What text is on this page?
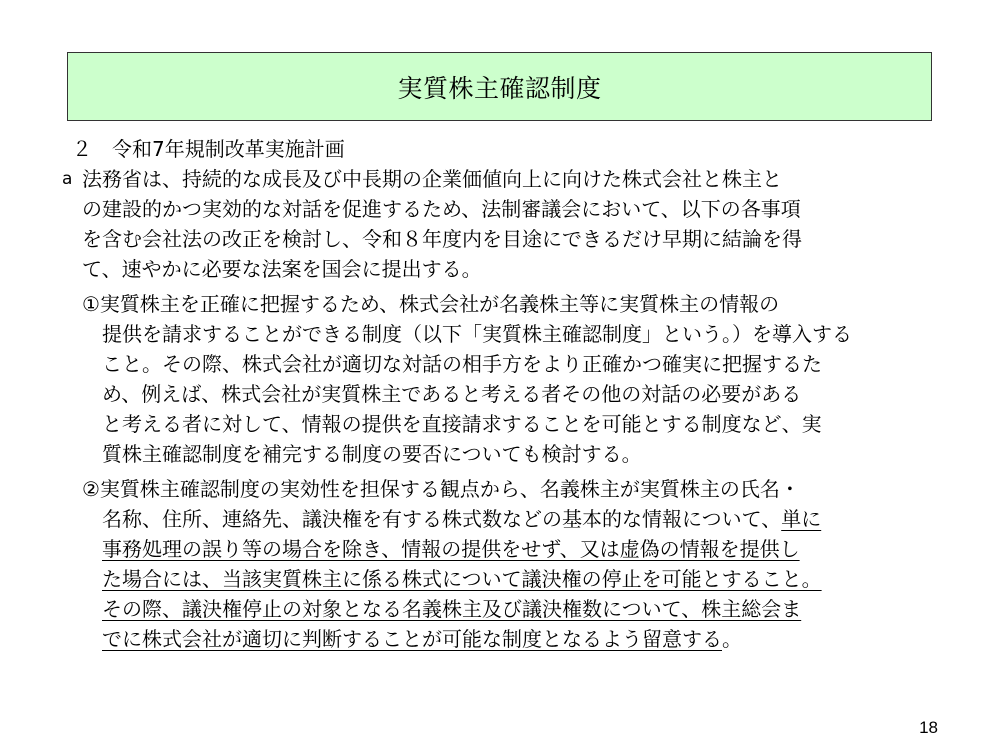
実質株主確認制度
２　令和7年規制改革実施計画
a 法務省は、持続的な成長及び中長期の企業価値向上に向けた株式会社と株主と
の建設的かつ実効的な対話を促進するため、法制審議会において、以下の各事項
を含む会社法の改正を検討し、令和８年度内を目途にできるだけ早期に結論を得
て、速やかに必要な法案を国会に提出する。
①実質株主を正確に把握するため、株式会社が名義株主等に実質株主の情報の
提供を請求することができる制度（以下「実質株主確認制度」という。）を導入する
こと。その際、株式会社が適切な対話の相手方をより正確かつ確実に把握するた
め、例えば、株式会社が実質株主であると考える者その他の対話の必要がある
と考える者に対して、情報の提供を直接請求することを可能とする制度など、実
質株主確認制度を補完する制度の要否についても検討する。
②実質株主確認制度の実効性を担保する観点から、名義株主が実質株主の氏名・
名称、住所、連絡先、議決権を有する株式数などの基本的な情報について、単に
事務処理の誤り等の場合を除き、情報の提供をせず、又は虚偽の情報を提供し
た場合には、当該実質株主に係る株式について議決権の停止を可能とすること。
その際、議決権停止の対象となる名義株主及び議決権数について、株主総会ま
でに株式会社が適切に判断することが可能な制度となるよう留意する。
18
